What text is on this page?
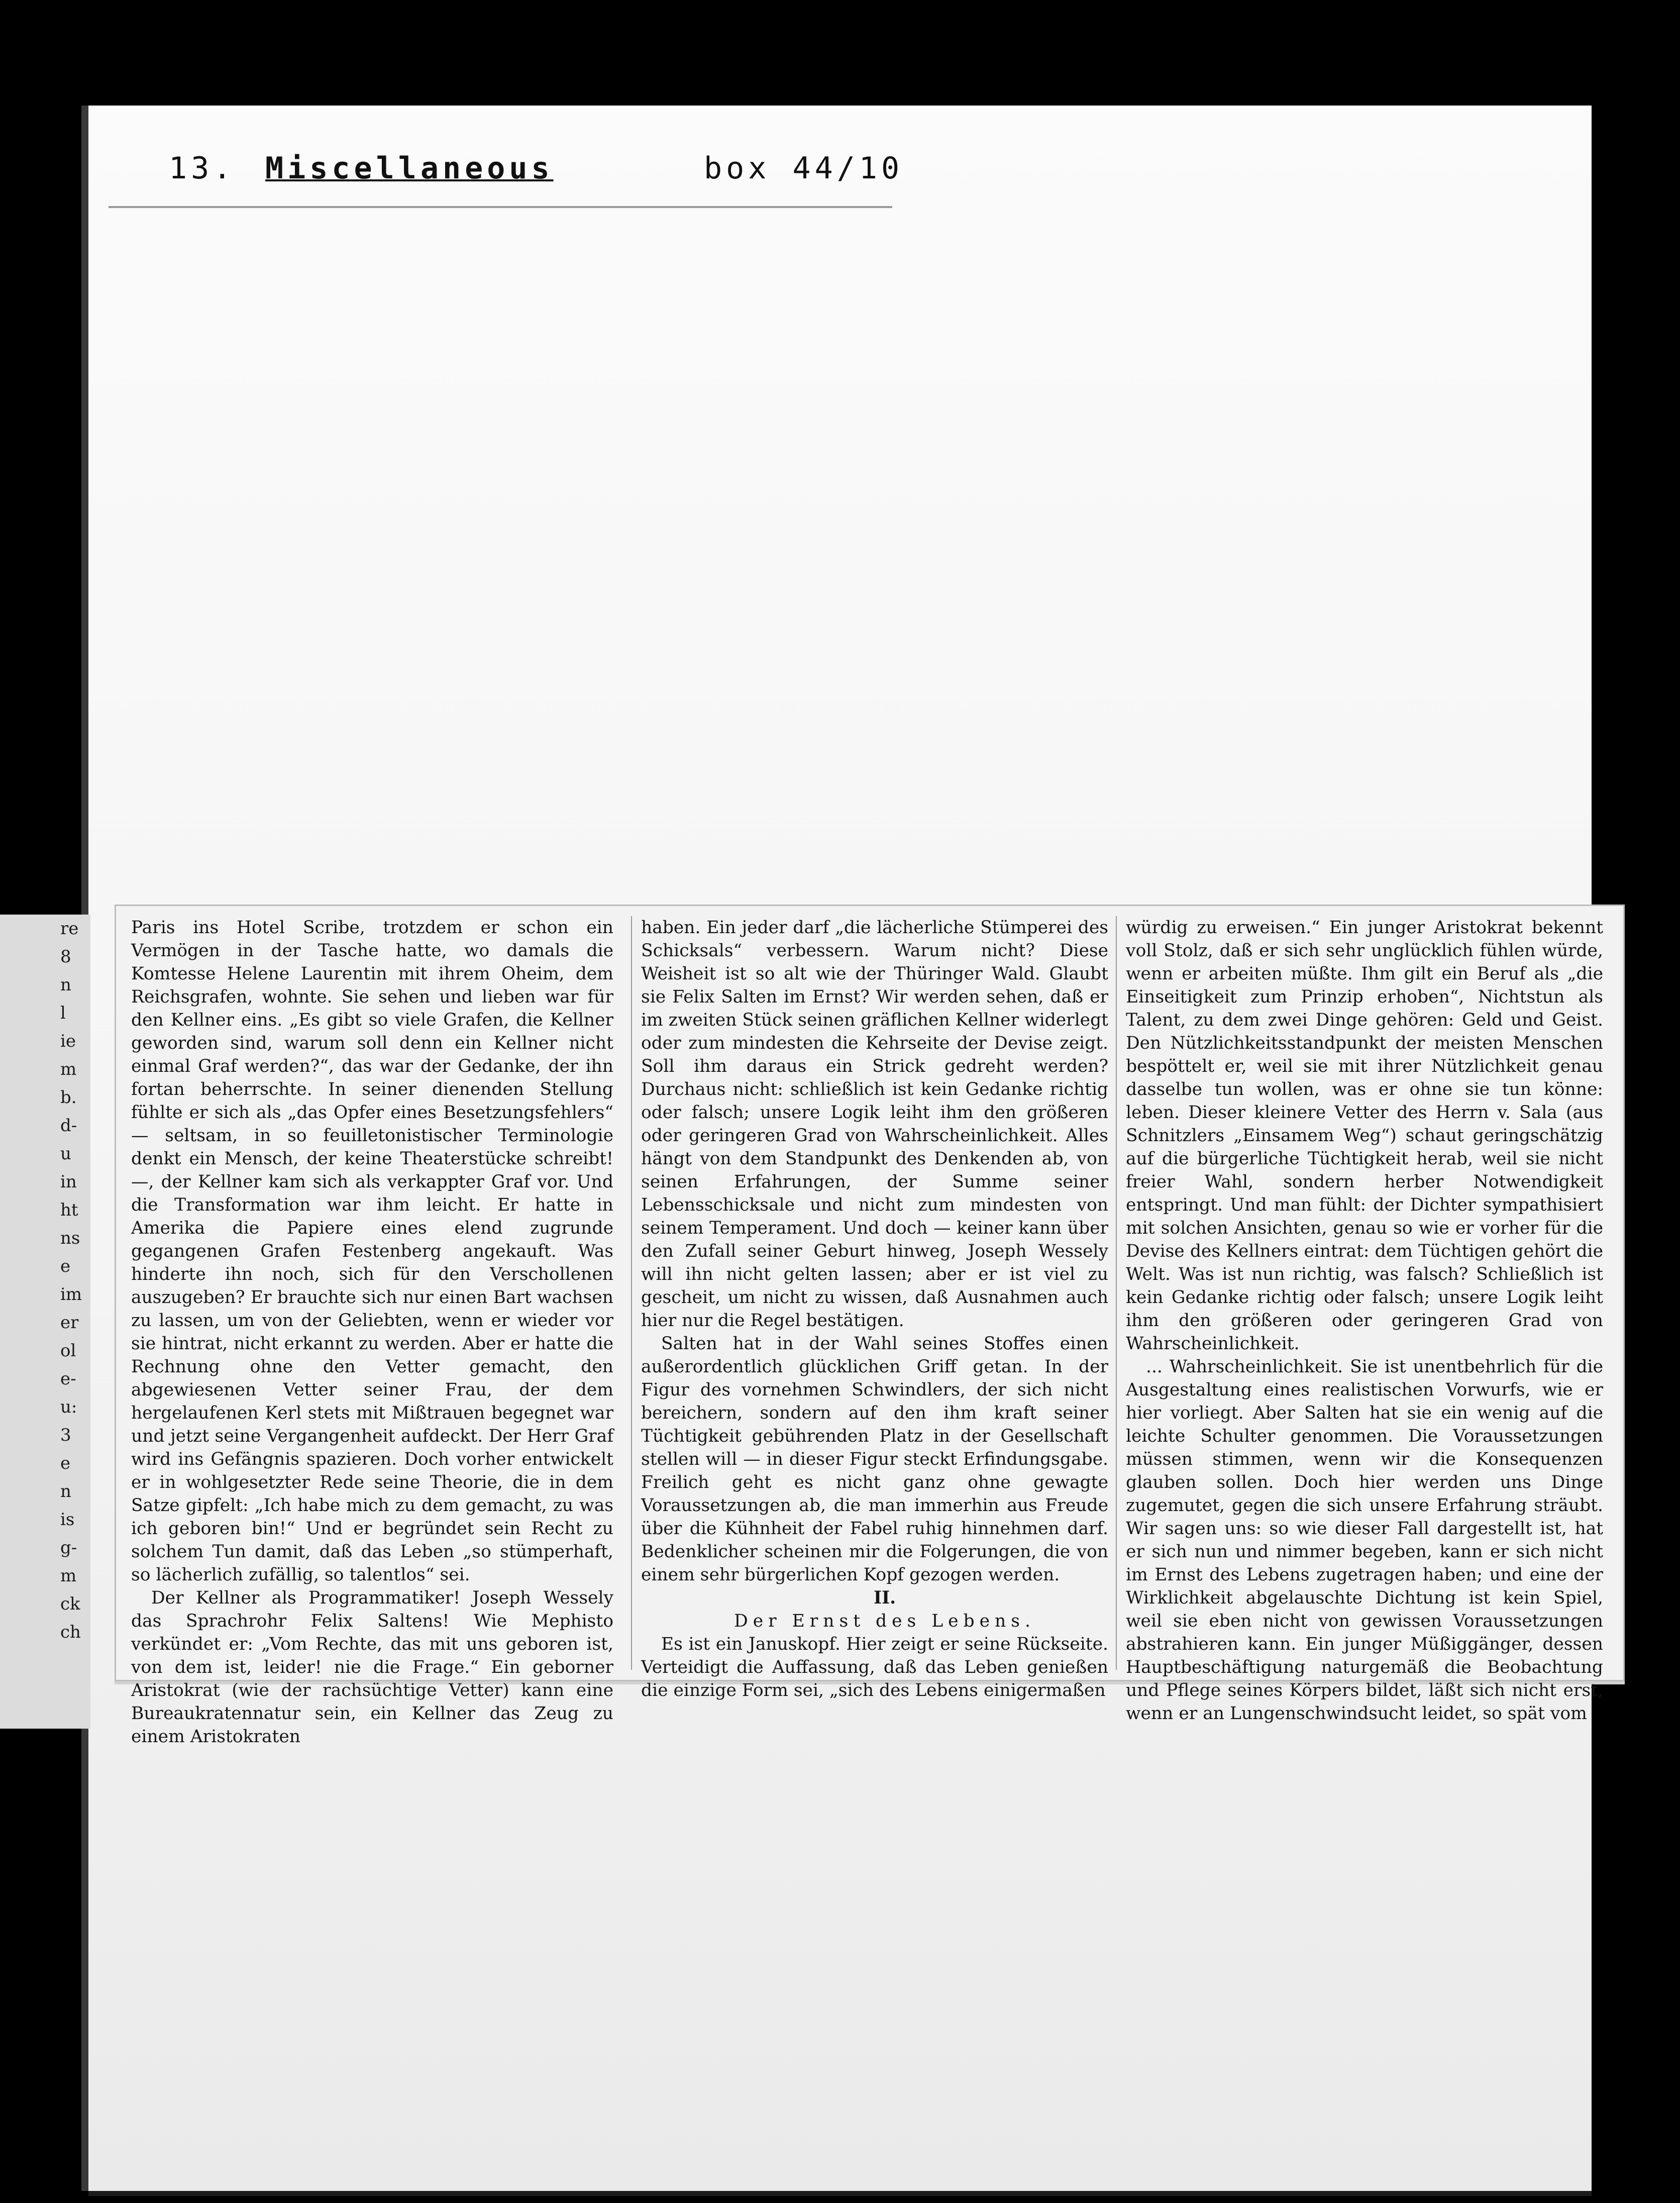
13. Miscellaneous	box 44/10
re
8
n
l
ie
m
b.
d-
u
in
ht
ns
e
im
er
ol
e-
u:
3
e
n
is
g-
m
ck
ch

Paris ins Hotel Scribe, trotzdem er schon ein Vermögen in der Tasche hatte, wo damals die Komtesse Helene Laurentin mit ihrem Oheim, dem Reichsgrafen, wohnte. Sie sehen und lieben war für den Kellner eins. „Es gibt so viele Grafen, die Kellner geworden sind, warum soll denn ein Kellner nicht einmal Graf werden?“, das war der Gedanke, der ihn fortan beherrschte. In seiner dienenden Stellung fühlte er sich als „das Opfer eines Besetzungsfehlers“ — seltsam, in so feuilletonistischer Terminologie denkt ein Mensch, der keine Theaterstücke schreibt! —, der Kellner kam sich als verkappter Graf vor. Und die Transformation war ihm leicht. Er hatte in Amerika die Papiere eines elend zugrunde gegangenen Grafen Festenberg angekauft. Was hinderte ihn noch, sich für den Verschollenen auszugeben? Er brauchte sich nur einen Bart wachsen zu lassen, um von der Geliebten, wenn er wieder vor sie hintrat, nicht erkannt zu werden. Aber er hatte die Rechnung ohne den Vetter gemacht, den abgewiesenen Vetter seiner Frau, der dem hergelaufenen Kerl stets mit Mißtrauen begegnet war und jetzt seine Vergangenheit aufdeckt. Der Herr Graf wird ins Gefängnis spazieren. Doch vorher entwickelt er in wohlgesetzter Rede seine Theorie, die in dem Satze gipfelt: „Ich habe mich zu dem gemacht, zu was ich geboren bin!“ Und er begründet sein Recht zu solchem Tun damit, daß das Leben „so stümperhaft, so lächerlich zufällig, so talentlos“ sei.

Der Kellner als Programmatiker! Joseph Wessely das Sprachrohr Felix Saltens! Wie Mephisto verkündet er: „Vom Rechte, das mit uns geboren ist, von dem ist, leider! nie die Frage.“ Ein geborner Aristokrat (wie der rachsüchtige Vetter) kann eine Bureaukratennatur sein, ein Kellner das Zeug zu einem Aristokraten

haben. Ein jeder darf „die lächerliche Stümperei des Schicksals“ verbessern. Warum nicht? Diese Weisheit ist so alt wie der Thüringer Wald. Glaubt sie Felix Salten im Ernst? Wir werden sehen, daß er im zweiten Stück seinen gräflichen Kellner widerlegt oder zum mindesten die Kehrseite der Devise zeigt. Soll ihm daraus ein Strick gedreht werden? Durchaus nicht: schließlich ist kein Gedanke richtig oder falsch; unsere Logik leiht ihm den größeren oder geringeren Grad von Wahrscheinlichkeit. Alles hängt von dem Standpunkt des Denkenden ab, von seinen Erfahrungen, der Summe seiner Lebensschicksale und nicht zum mindesten von seinem Temperament. Und doch — keiner kann über den Zufall seiner Geburt hinweg, Joseph Wessely will ihn nicht gelten lassen; aber er ist viel zu gescheit, um nicht zu wissen, daß Ausnahmen auch hier nur die Regel bestätigen.

Salten hat in der Wahl seines Stoffes einen außerordentlich glücklichen Griff getan. In der Figur des vornehmen Schwindlers, der sich nicht bereichern, sondern auf den ihm kraft seiner Tüchtigkeit gebührenden Platz in der Gesellschaft stellen will — in dieser Figur steckt Erfindungsgabe. Freilich geht es nicht ganz ohne gewagte Voraussetzungen ab, die man immerhin aus Freude über die Kühnheit der Fabel ruhig hinnehmen darf. Bedenklicher scheinen mir die Folgerungen, die von einem sehr bürgerlichen Kopf gezogen werden.

II.

Der Ernst des Lebens.

Es ist ein Januskopf. Hier zeigt er seine Rückseite. Verteidigt die Auffassung, daß das Leben genießen die einzige Form sei, „sich des Lebens einigermaßen

würdig zu erweisen.“ Ein junger Aristokrat bekennt voll Stolz, daß er sich sehr unglücklich fühlen würde, wenn er arbeiten müßte. Ihm gilt ein Beruf als „die Einseitigkeit zum Prinzip erhoben“, Nichtstun als Talent, zu dem zwei Dinge gehören: Geld und Geist. Den Nützlichkeitsstandpunkt der meisten Menschen bespöttelt er, weil sie mit ihrer Nützlichkeit genau dasselbe tun wollen, was er ohne sie tun könne: leben. Dieser kleinere Vetter des Herrn v. Sala (aus Schnitzlers „Einsamem Weg“) schaut geringschätzig auf die bürgerliche Tüchtigkeit herab, weil sie nicht freier Wahl, sondern herber Notwendigkeit entspringt. Und man fühlt: der Dichter sympathisiert mit solchen Ansichten, genau so wie er vorher für die Devise des Kellners eintrat: dem Tüchtigen gehört die Welt. Was ist nun richtig, was falsch? Schließlich ist kein Gedanke richtig oder falsch; unsere Logik leiht ihm den größeren oder geringeren Grad von Wahrscheinlichkeit.

... Wahrscheinlichkeit. Sie ist unentbehrlich für die Ausgestaltung eines realistischen Vorwurfs, wie er hier vorliegt. Aber Salten hat sie ein wenig auf die leichte Schulter genommen. Die Voraussetzungen müssen stimmen, wenn wir die Konsequenzen glauben sollen. Doch hier werden uns Dinge zugemutet, gegen die sich unsere Erfahrung sträubt. Wir sagen uns: so wie dieser Fall dargestellt ist, hat er sich nun und nimmer begeben, kann er sich nicht im Ernst des Lebens zugetragen haben; und eine der Wirklichkeit abgelauschte Dichtung ist kein Spiel, weil sie eben nicht von gewissen Voraussetzungen abstrahieren kann. Ein junger Müßiggänger, dessen Hauptbeschäftigung naturgemäß die Beobachtung und Pflege seines Körpers bildet, läßt sich nicht erst, wenn er an Lungenschwindsucht leidet, so spät vom
